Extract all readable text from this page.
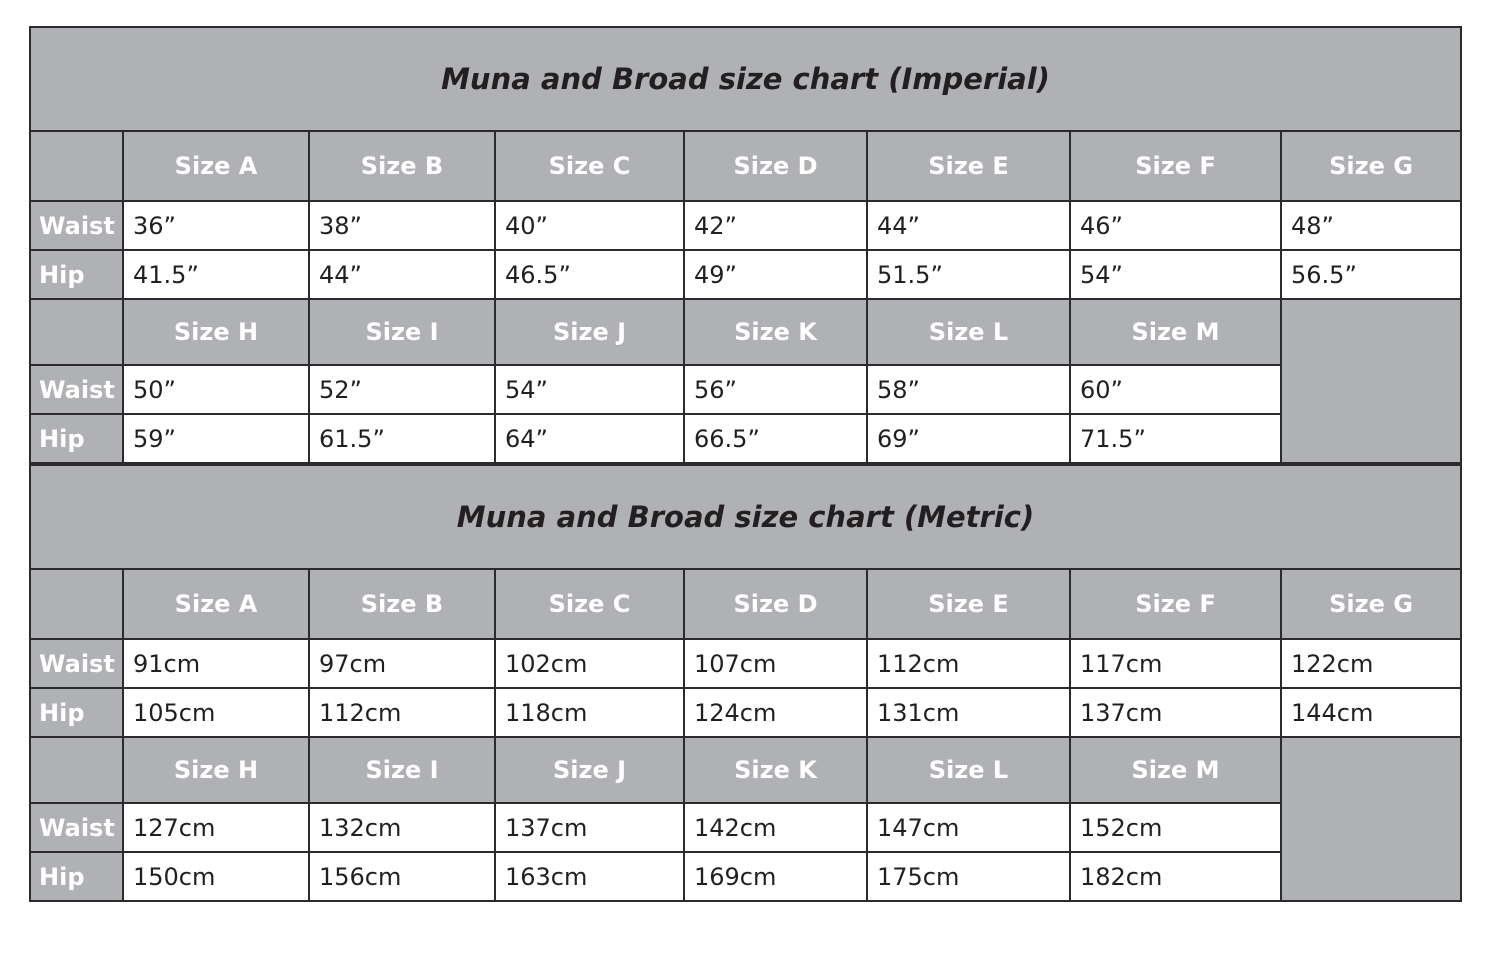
Muna and Broad size chart (Imperial)
Size A	Size B	Size C	Size D	Size E	Size F	Size G
Waist 36”	38”	40”	42”	44”	46”	48”
Hip	41.5”	44”	46.5”	49”	51.5”	54”	56.5”
Size H	Size I	Size J	Size K	Size L	Size M
Waist 50”	52”	54”	56”	58”	60”
Hip	59”	61.5”	64”	66.5”	69”	71.5”
Muna and Broad size chart (Metric)
Size A	Size B	Size C	Size D	Size E	Size F	Size G
Waist 91cm	97cm	102cm	107cm	112cm	117cm	122cm
Hip	105cm	112cm	118cm	124cm	131cm	137cm	144cm
Size H	Size I	Size J	Size K	Size L	Size M
Waist 127cm	132cm	137cm	142cm	147cm	152cm
Hip	150cm	156cm	163cm	169cm	175cm	182cm
